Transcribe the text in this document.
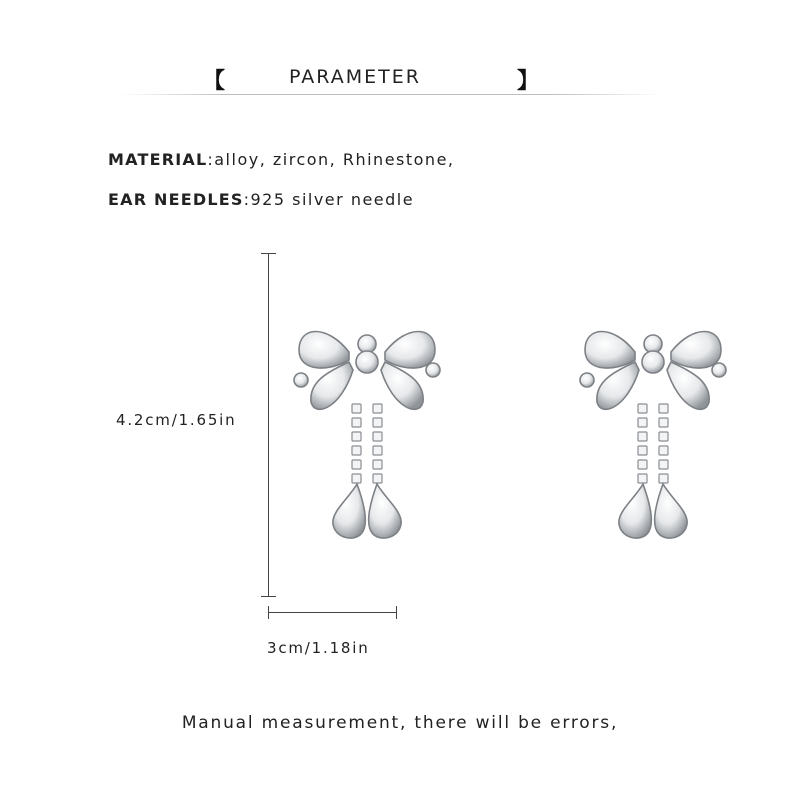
【	PARAMETER	】
MATERIAL:alloy, zircon, Rhinestone,
EAR NEEDLES:925 silver needle
4.2cm/1.65in
3cm/1.18in
Manual measurement, there will be errors,
